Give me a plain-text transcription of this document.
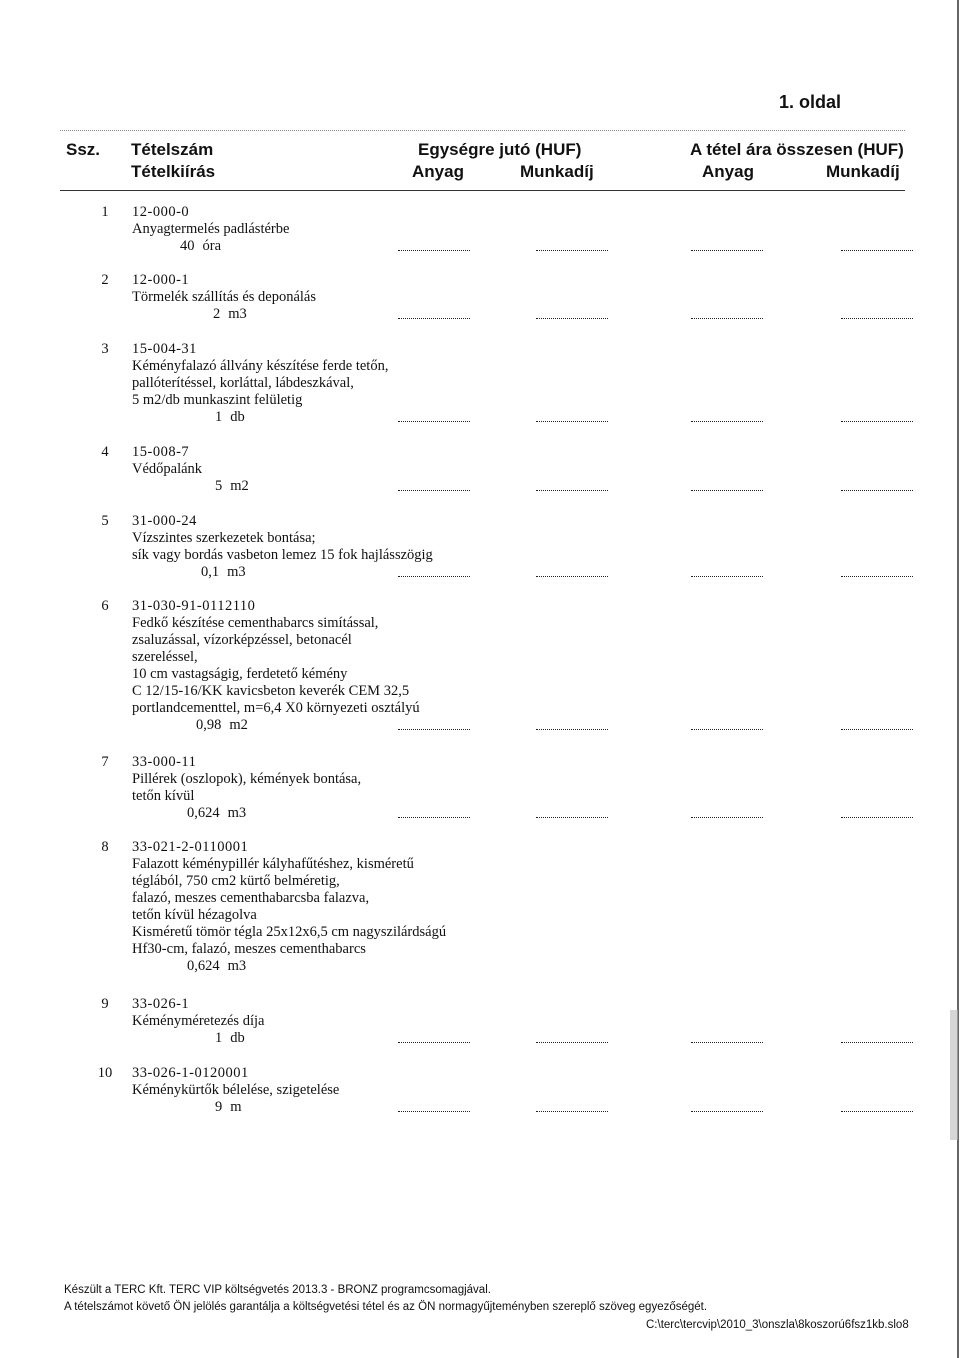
1. oldal
Ssz. Tételszám
Tételkiírás
Egységre jutó (HUF)	A tétel ára összesen (HUF)
Anyag	Munkadíj	Anyag	Munkadíj
1	12-000-0
Anyagtermelés padlástérbe
40 óra
2	12-000-1
Törmelék szállítás és deponálás
2 m3
3	15-004-31
Kéményfalazó állvány készítése ferde tetőn,
pallóterítéssel, korláttal, lábdeszkával,
5 m2/db munkaszint felületig
1 db
4	15-008-7
Védőpalánk
5 m2
5	31-000-24
Vízszintes szerkezetek bontása;
sík vagy bordás vasbeton lemez 15 fok hajlásszögig
0,1 m3
6	31-030-91-0112110
Fedkő készítése cementhabarcs simítással,
zsaluzással, vízorképzéssel, betonacél
szereléssel,
10 cm vastagságig, ferdetető kémény
C 12/15-16/KK kavicsbeton keverék CEM 32,5
portlandcementtel, m=6,4 X0 környezeti osztályú
0,98 m2
7	33-000-11
Pillérek (oszlopok), kémények bontása,
tetőn kívül
0,624 m3
8	33-021-2-0110001
Falazott kéménypillér kályhafűtéshez, kisméretű
téglából, 750 cm2 kürtő belméretig,
falazó, meszes cementhabarcsba falazva,
tetőn kívül hézagolva
Kisméretű tömör tégla 25x12x6,5 cm nagyszilárdságú
Hf30-cm, falazó, meszes cementhabarcs
0,624 m3
9	33-026-1
Kéményméretezés díja
1 db
10 33-026-1-0120001
Kéménykürtők bélelése, szigetelése
9 m
Készült a TERC Kft. TERC VIP költségvetés 2013.3 - BRONZ programcsomagjával.
A tételszámot követő ÖN jelölés garantálja a költségvetési tétel és az ÖN normagyűjteményben szereplő szöveg egyezőségét.
C:\terc\tercvip\2010_3\onszla\8koszorú6fsz1kb.slo8
